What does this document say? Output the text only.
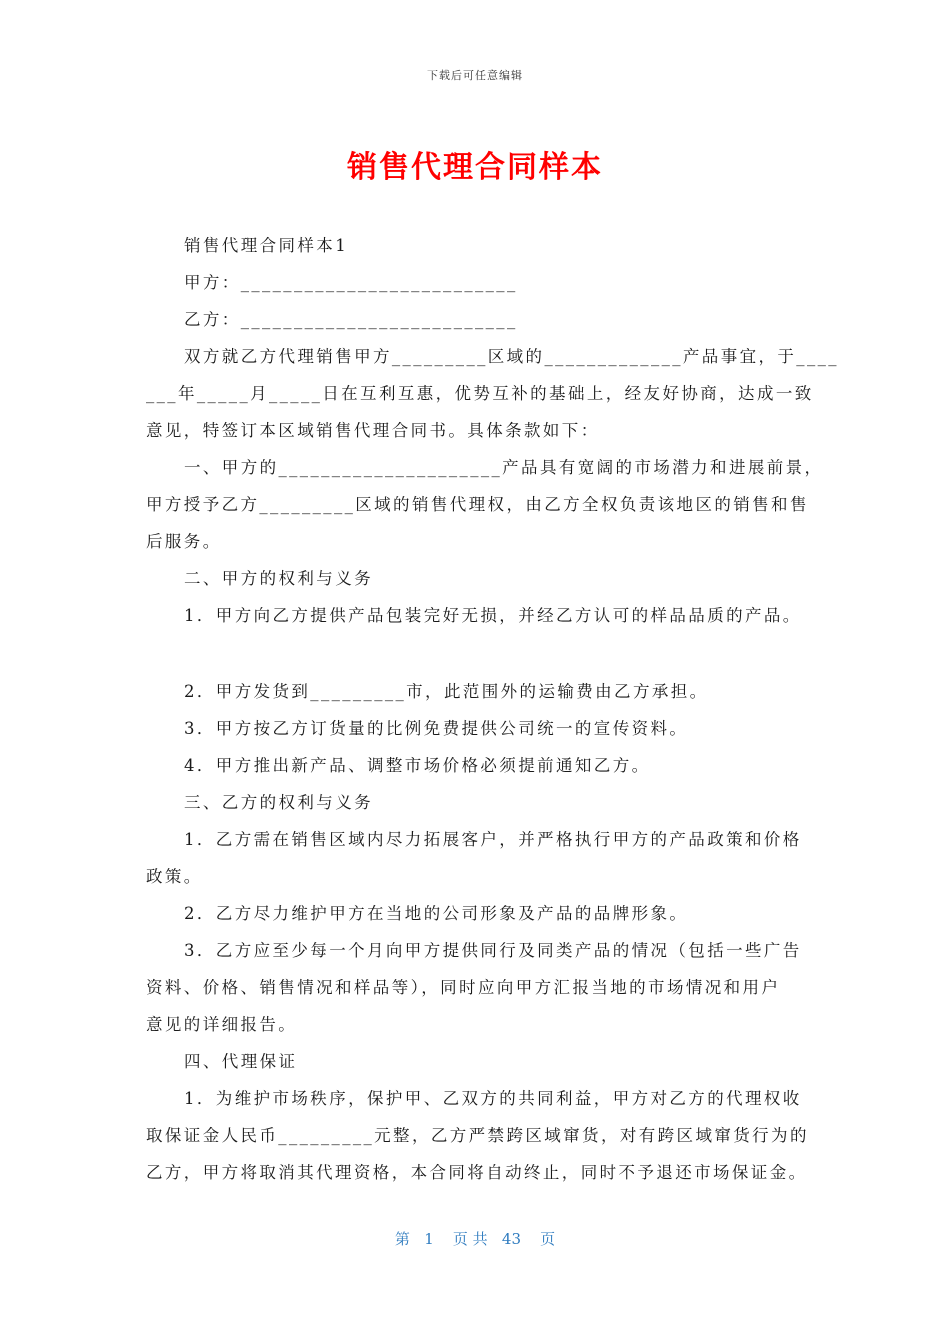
下载后可任意编辑
销售代理合同样本
销售代理合同样本1
甲方：__________________________
乙方：__________________________
双方就乙方代理销售甲方_________区域的_____________产品事宜，于____
___年_____月_____日在互利互惠，优势互补的基础上，经友好协商，达成一致
意见，特签订本区域销售代理合同书。具体条款如下：
一、甲方的_____________________产品具有宽阔的市场潜力和进展前景，
甲方授予乙方_________区域的销售代理权，由乙方全权负责该地区的销售和售
后服务。
二、甲方的权利与义务
1．甲方向乙方提供产品包装完好无损，并经乙方认可的样品品质的产品。
2．甲方发货到_________市，此范围外的运输费由乙方承担。
3．甲方按乙方订货量的比例免费提供公司统一的宣传资料。
4．甲方推出新产品、调整市场价格必须提前通知乙方。
三、乙方的权利与义务
1．乙方需在销售区域内尽力拓展客户，并严格执行甲方的产品政策和价格
政策。
2．乙方尽力维护甲方在当地的公司形象及产品的品牌形象。
3．乙方应至少每一个月向甲方提供同行及同类产品的情况（包括一些广告
资料、价格、销售情况和样品等），同时应向甲方汇报当地的市场情况和用户
意见的详细报告。
四、代理保证
1．为维护市场秩序，保护甲、乙双方的共同利益，甲方对乙方的代理权收
取保证金人民币_________元整，乙方严禁跨区域窜货，对有跨区域窜货行为的
乙方，甲方将取消其代理资格，本合同将自动终止，同时不予退还市场保证金。
第   1    页 共   43    页
